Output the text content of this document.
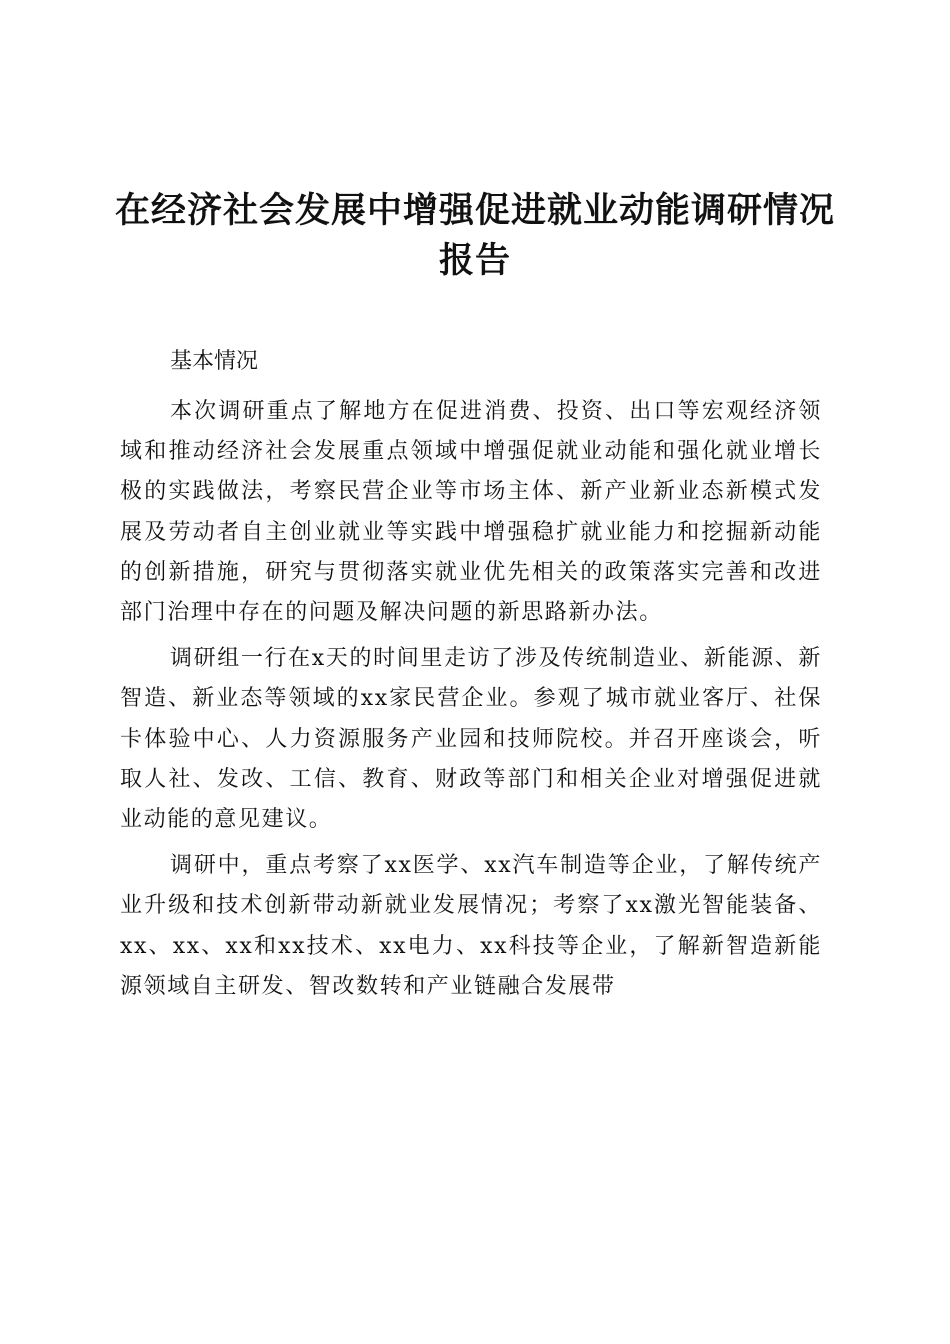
在经济社会发展中增强促进就业动能调研情况
报告
基本情况

本次调研重点了解地方在促进消费、投资、出口等宏观经济领域和推动经济社会发展重点领域中增强促就业动能和强化就业增长极的实践做法，考察民营企业等市场主体、新产业新业态新模式发展及劳动者自主创业就业等实践中增强稳扩就业能力和挖掘新动能的创新措施，研究与贯彻落实就业优先相关的政策落实完善和改进部门治理中存在的问题及解决问题的新思路新办法。

调研组一行在x天的时间里走访了涉及传统制造业、新能源、新智造、新业态等领域的xx家民营企业。参观了城市就业客厅、社保卡体验中心、人力资源服务产业园和技师院校。并召开座谈会，听取人社、发改、工信、教育、财政等部门和相关企业对增强促进就业动能的意见建议。

调研中，重点考察了xx医学、xx汽车制造等企业，了解传统产业升级和技术创新带动新就业发展情况；考察了xx激光智能装备、xx、xx、xx和xx技术、xx电力、xx科技等企业，了解新智造新能源领域自主研发、智改数转和产业链融合发展带
